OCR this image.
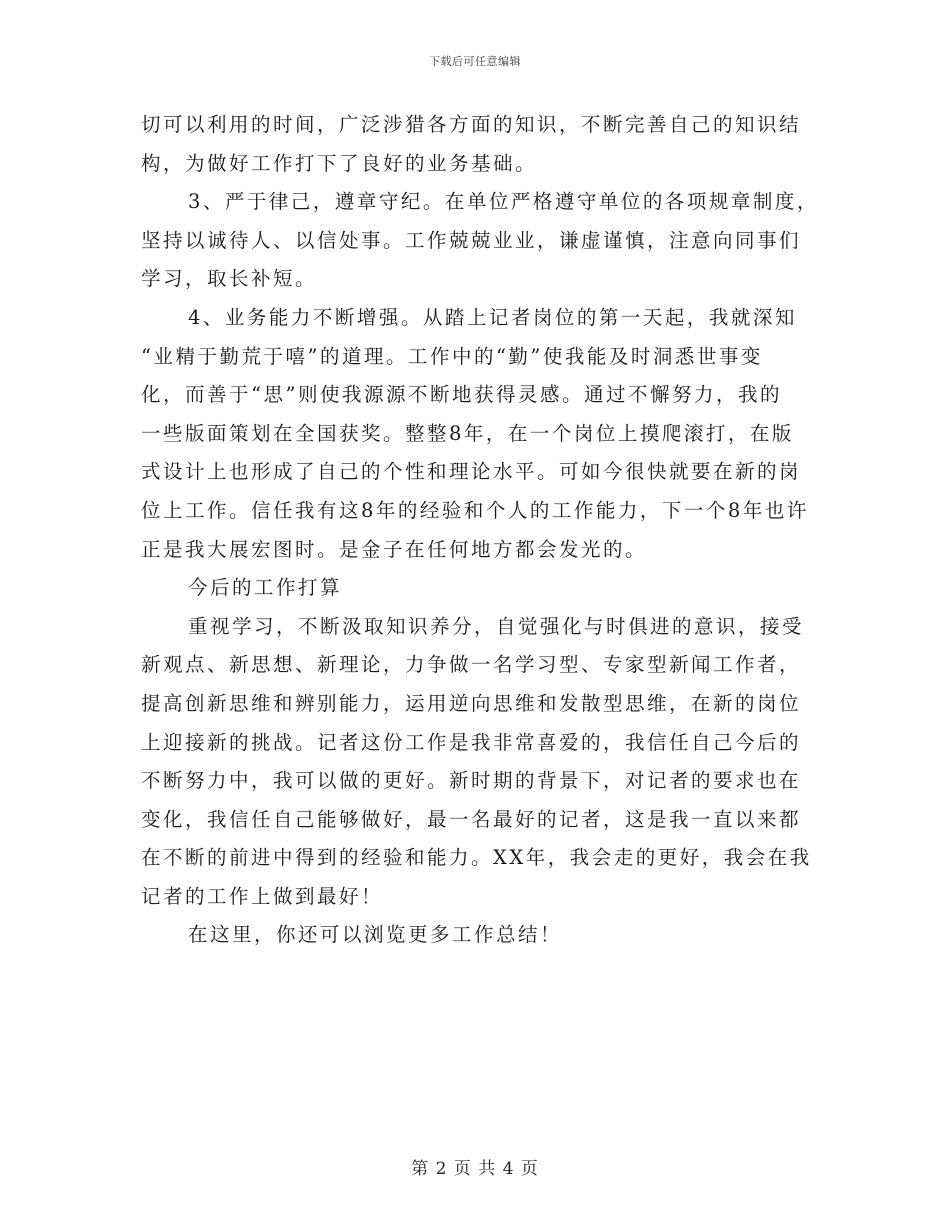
下载后可任意编辑
切可以利用的时间，广泛涉猎各方面的知识，不断完善自己的知识结
构，为做好工作打下了良好的业务基础。
3、严于律己，遵章守纪。在单位严格遵守单位的各项规章制度，
坚持以诚待人、以信处事。工作兢兢业业，谦虚谨慎，注意向同事们
学习，取长补短。
4、业务能力不断增强。从踏上记者岗位的第一天起，我就深知
“业精于勤荒于嘻”的道理。工作中的“勤”使我能及时洞悉世事变
化，而善于“思”则使我源源不断地获得灵感。通过不懈努力，我的
一些版面策划在全国获奖。整整8年，在一个岗位上摸爬滚打，在版
式设计上也形成了自己的个性和理论水平。可如今很快就要在新的岗
位上工作。信任我有这8年的经验和个人的工作能力，下一个8年也许
正是我大展宏图时。是金子在任何地方都会发光的。
今后的工作打算
重视学习，不断汲取知识养分，自觉强化与时俱进的意识，接受
新观点、新思想、新理论，力争做一名学习型、专家型新闻工作者，
提高创新思维和辨别能力，运用逆向思维和发散型思维，在新的岗位
上迎接新的挑战。记者这份工作是我非常喜爱的，我信任自己今后的
不断努力中，我可以做的更好。新时期的背景下，对记者的要求也在
变化，我信任自己能够做好，最一名最好的记者，这是我一直以来都
在不断的前进中得到的经验和能力。XX年，我会走的更好，我会在我
记者的工作上做到最好！
在这里，你还可以浏览更多工作总结！
第 2 页 共 4 页
